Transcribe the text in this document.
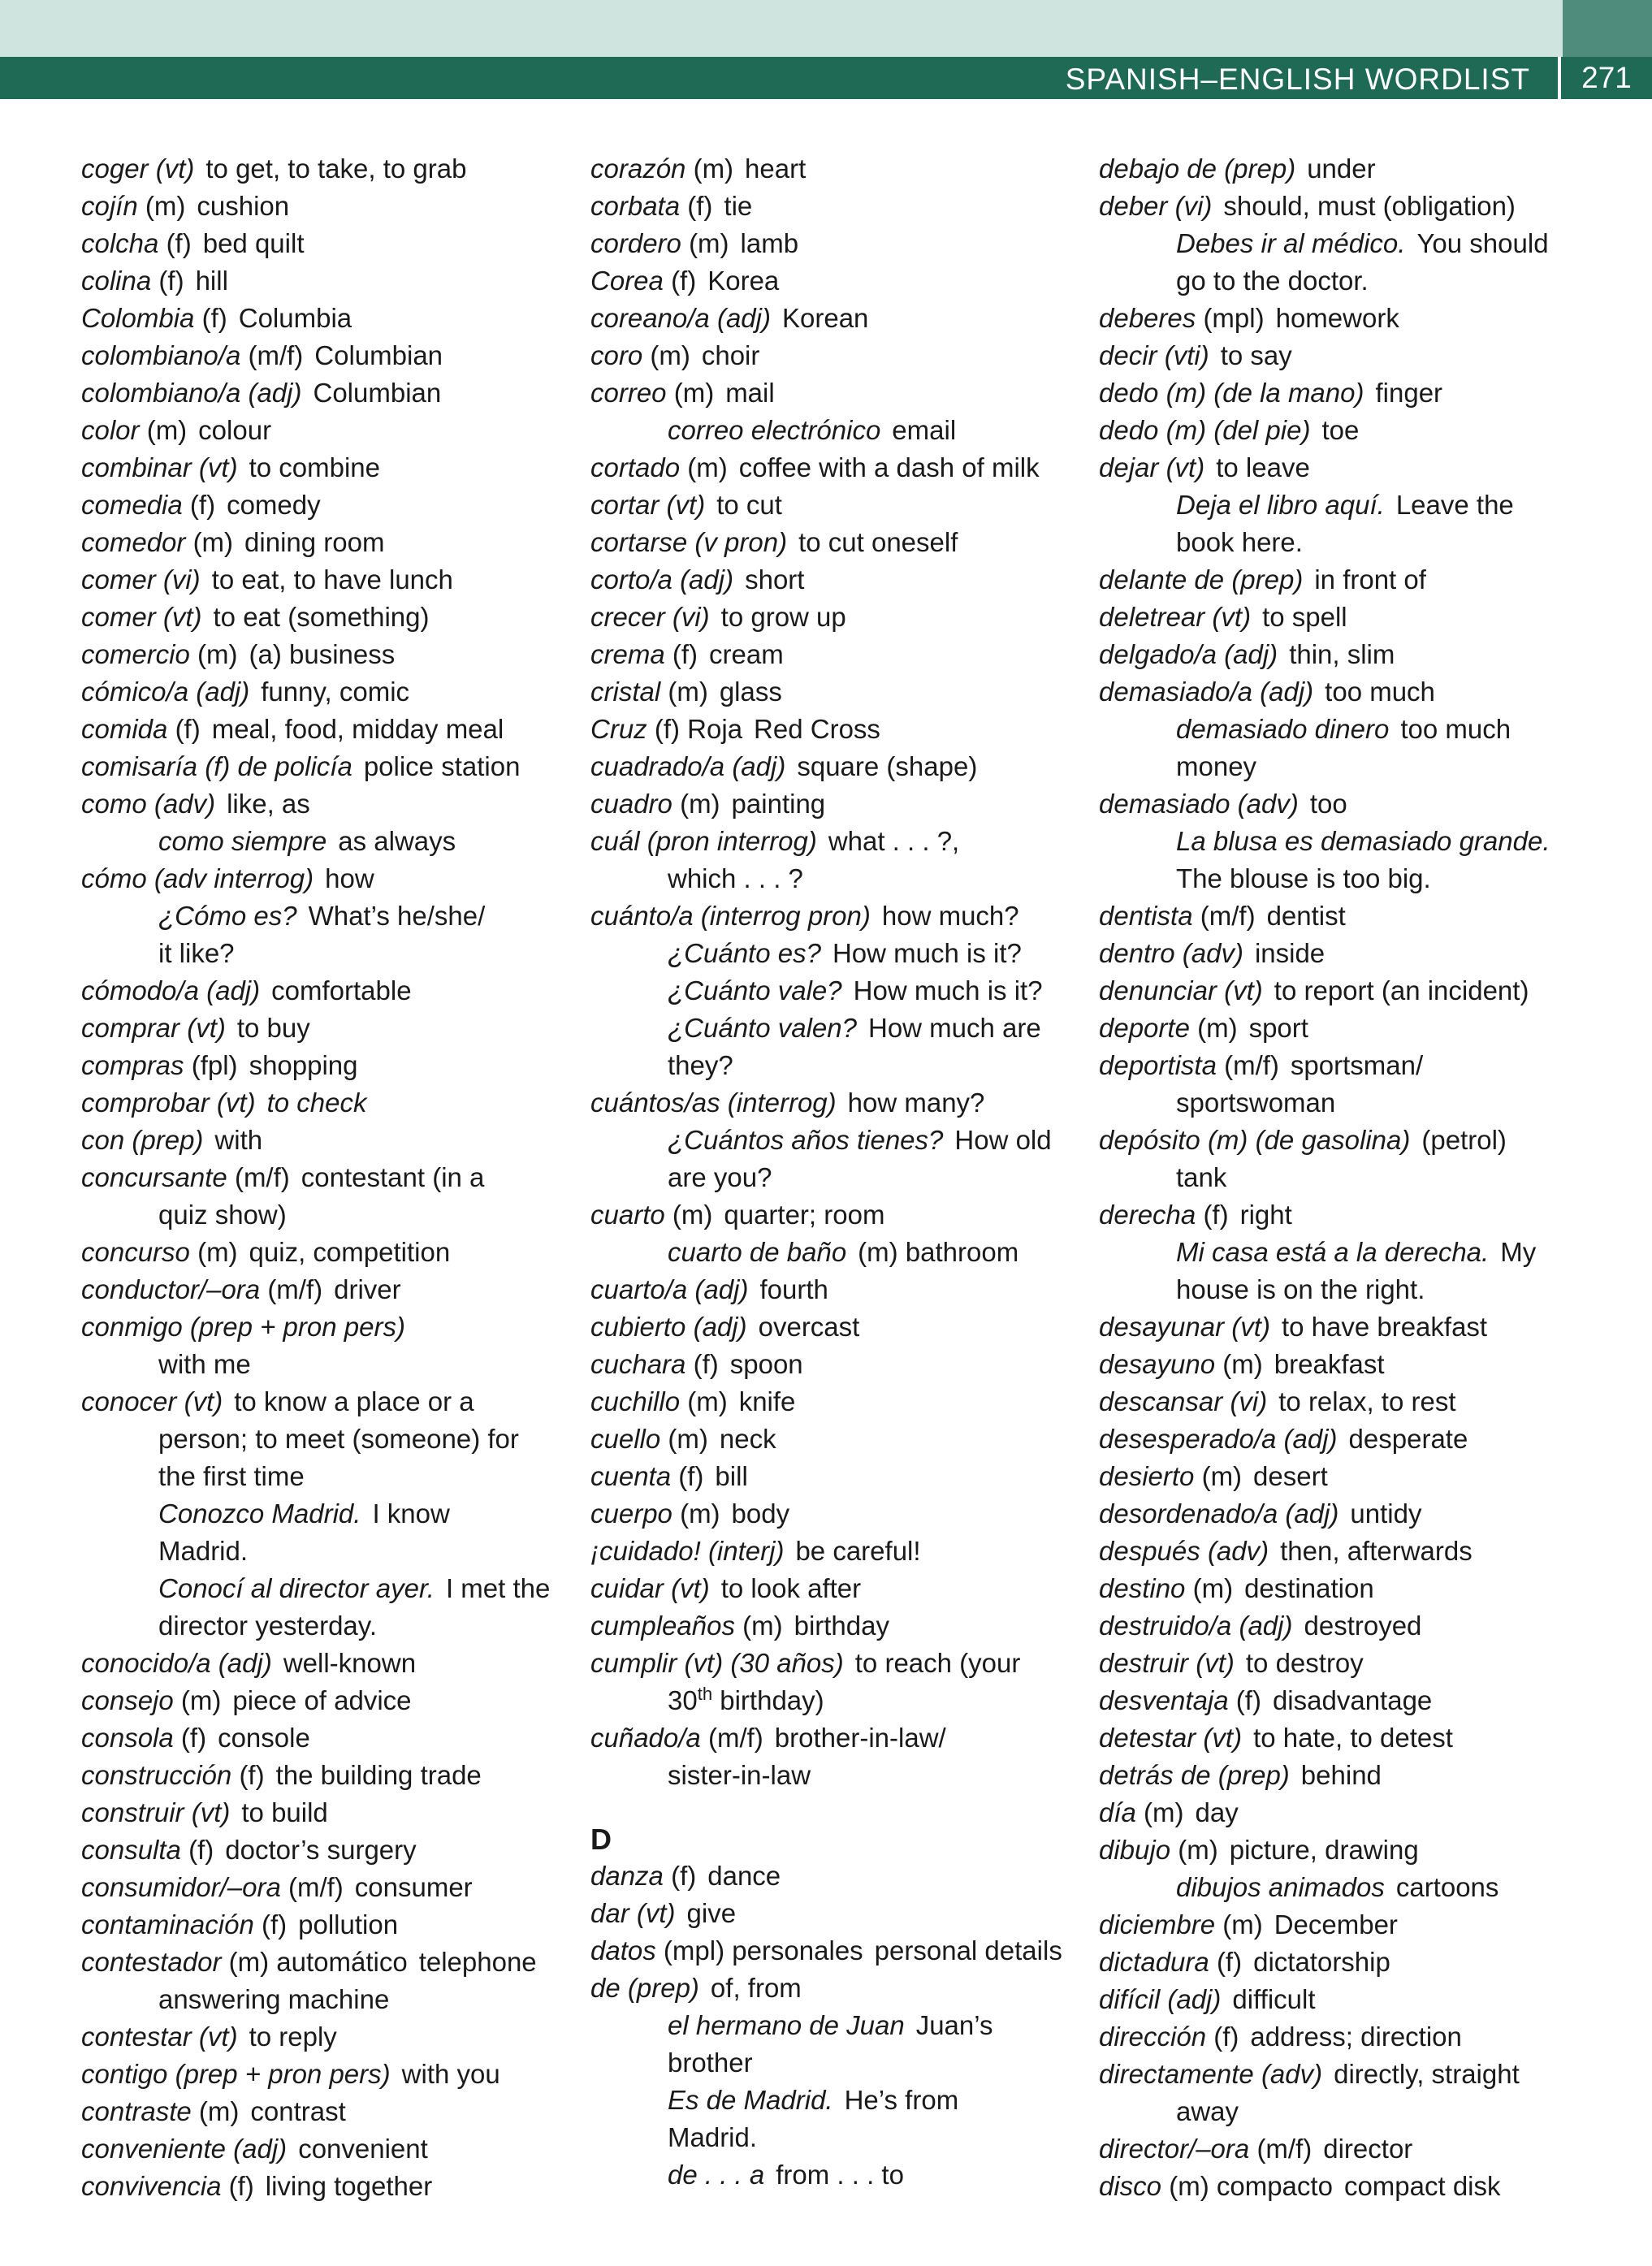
SPANISH–ENGLISH WORDLIST	271
coger (vt) to get, to take, to grab
cojín (m) cushion
colcha (f) bed quilt
colina (f) hill
Colombia (f) Columbia
colombiano/a (m/f) Columbian
colombiano/a (adj) Columbian
color (m) colour
combinar (vt) to combine
comedia (f) comedy
comedor (m) dining room
comer (vi) to eat, to have lunch
comer (vt) to eat (something)
comercio (m) (a) business
cómico/a (adj) funny, comic
comida (f) meal, food, midday meal
comisaría (f) de policía police station
como (adv) like, as
como siempre as always
cómo (adv interrog) how
¿Cómo es? What’s he/she/
it like?
cómodo/a (adj) comfortable
comprar (vt) to buy
compras (fpl) shopping
comprobar (vt) to check
con (prep) with
concursante (m/f) contestant (in a
quiz show)
concurso (m) quiz, competition
conductor/–ora (m/f) driver
conmigo (prep + pron pers)
with me
conocer (vt) to know a place or a
person; to meet (someone) for
the first time
Conozco Madrid. I know
Madrid.
Conocí al director ayer. I met the
director yesterday.
conocido/a (adj) well-known
consejo (m) piece of advice
consola (f) console
construcción (f) the building trade
construir (vt) to build
consulta (f) doctor’s surgery
consumidor/–ora (m/f) consumer
contaminación (f) pollution
contestador (m) automático telephone
answering machine
contestar (vt) to reply
contigo (prep + pron pers) with you
contraste (m) contrast
conveniente (adj) convenient
convivencia (f) living together
corazón (m) heart
corbata (f) tie
cordero (m) lamb
Corea (f) Korea
coreano/a (adj) Korean
coro (m) choir
correo (m) mail
correo electrónico email
cortado (m) coffee with a dash of milk
cortar (vt) to cut
cortarse (v pron) to cut oneself
corto/a (adj) short
crecer (vi) to grow up
crema (f) cream
cristal (m) glass
Cruz (f) Roja Red Cross
cuadrado/a (adj) square (shape)
cuadro (m) painting
cuál (pron interrog) what . . . ?,
which . . . ?
cuánto/a (interrog pron) how much?
¿Cuánto es? How much is it?
¿Cuánto vale? How much is it?
¿Cuánto valen? How much are
they?
cuántos/as (interrog) how many?
¿Cuántos años tienes? How old
are you?
cuarto (m) quarter; room
cuarto de baño (m) bathroom
cuarto/a (adj) fourth
cubierto (adj) overcast
cuchara (f) spoon
cuchillo (m) knife
cuello (m) neck
cuenta (f) bill
cuerpo (m) body
¡cuidado! (interj) be careful!
cuidar (vt) to look after
cumpleaños (m) birthday
cumplir (vt) (30 años) to reach (your
30th birthday)
cuñado/a (m/f) brother-in-law/
sister-in-law
D
danza (f) dance
dar (vt) give
datos (mpl) personales personal details
de (prep) of, from
el hermano de Juan Juan’s
brother
Es de Madrid. He’s from
Madrid.
de . . . a from . . . to
debajo de (prep) under
deber (vi) should, must (obligation)
Debes ir al médico. You should
go to the doctor.
deberes (mpl) homework
decir (vti) to say
dedo (m) (de la mano) finger
dedo (m) (del pie) toe
dejar (vt) to leave
Deja el libro aquí. Leave the
book here.
delante de (prep) in front of
deletrear (vt) to spell
delgado/a (adj) thin, slim
demasiado/a (adj) too much
demasiado dinero too much
money
demasiado (adv) too
La blusa es demasiado grande.
The blouse is too big.
dentista (m/f) dentist
dentro (adv) inside
denunciar (vt) to report (an incident)
deporte (m) sport
deportista (m/f) sportsman/
sportswoman
depósito (m) (de gasolina) (petrol)
tank
derecha (f) right
Mi casa está a la derecha. My
house is on the right.
desayunar (vt) to have breakfast
desayuno (m) breakfast
descansar (vi) to relax, to rest
desesperado/a (adj) desperate
desierto (m) desert
desordenado/a (adj) untidy
después (adv) then, afterwards
destino (m) destination
destruido/a (adj) destroyed
destruir (vt) to destroy
desventaja (f) disadvantage
detestar (vt) to hate, to detest
detrás de (prep) behind
día (m) day
dibujo (m) picture, drawing
dibujos animados cartoons
diciembre (m) December
dictadura (f) dictatorship
difícil (adj) difficult
dirección (f) address; direction
directamente (adv) directly, straight
away
director/–ora (m/f) director
disco (m) compacto compact disk
